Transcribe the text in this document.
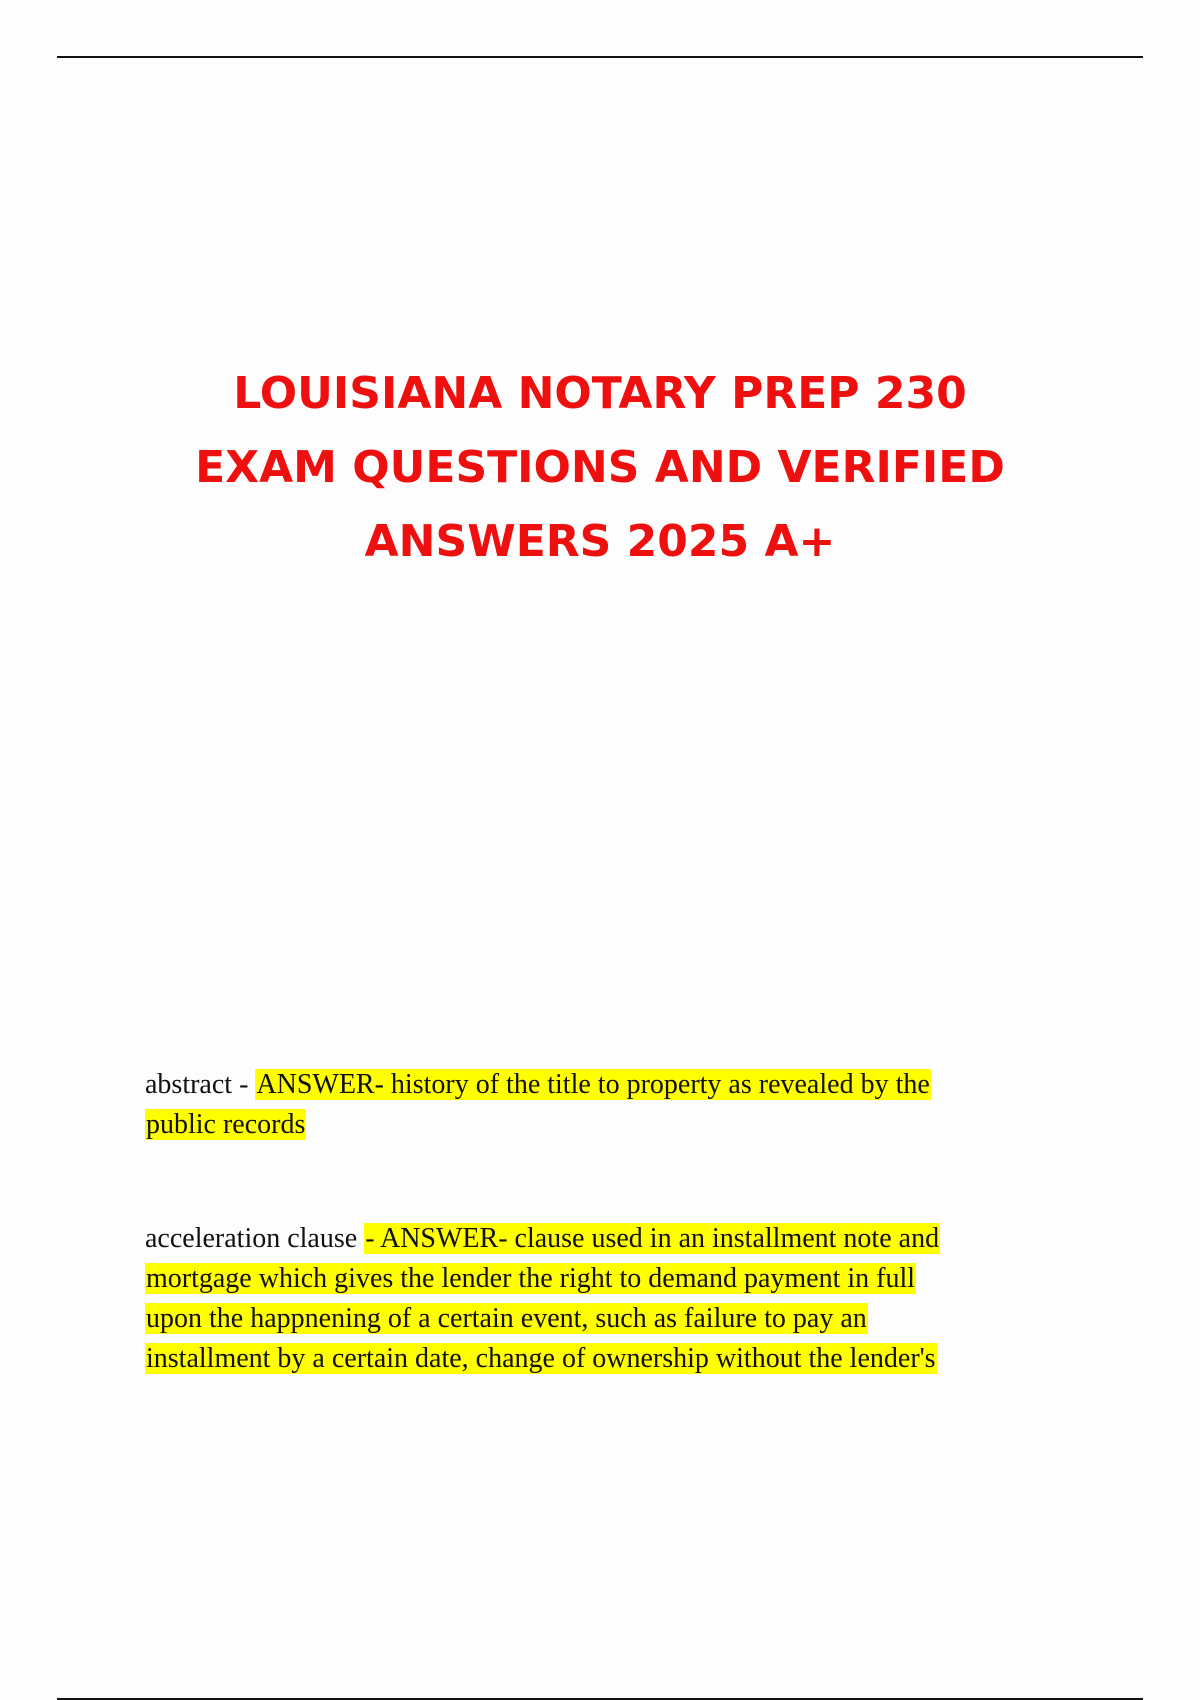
LOUISIANA NOTARY PREP 230
EXAM QUESTIONS AND VERIFIED
ANSWERS 2025 A+
abstract - ANSWER- history of the title to property as revealed by the
public records
acceleration clause - ANSWER- clause used in an installment note and
mortgage which gives the lender the right to demand payment in full
upon the happnening of a certain event, such as failure to pay an
installment by a certain date, change of ownership without the lender's
